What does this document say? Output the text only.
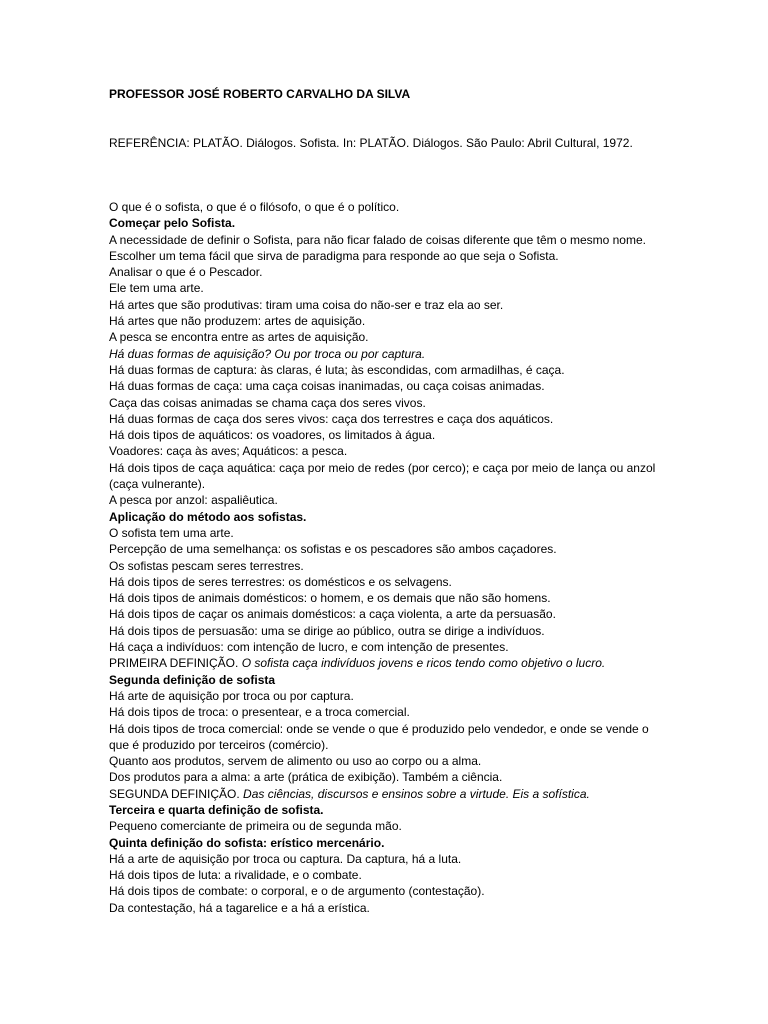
PROFESSOR JOSÉ ROBERTO CARVALHO DA SILVA
REFERÊNCIA: PLATÃO. Diálogos. Sofista. In: PLATÃO. Diálogos. São Paulo: Abril Cultural, 1972.
O que é o sofista, o que é o filósofo, o que é o político.
Começar pelo Sofista.
A necessidade de definir o Sofista, para não ficar falado de coisas diferente que têm o mesmo nome.
Escolher um tema fácil que sirva de paradigma para responde ao que seja o Sofista.
Analisar o que é o Pescador.
Ele tem uma arte.
Há artes que são produtivas: tiram uma coisa do não-ser e traz ela ao ser.
Há artes que não produzem: artes de aquisição.
A pesca se encontra entre as artes de aquisição.
Há duas formas de aquisição? Ou por troca ou por captura.
Há duas formas de captura: às claras, é luta; às escondidas, com armadilhas, é caça.
Há duas formas de caça: uma caça coisas inanimadas, ou caça coisas animadas.
Caça das coisas animadas se chama caça dos seres vivos.
Há duas formas de caça dos seres vivos: caça dos terrestres e caça dos aquáticos.
Há dois tipos de aquáticos: os voadores, os limitados à água.
Voadores: caça às aves; Aquáticos: a pesca.
Há dois tipos de caça aquática: caça por meio de redes (por cerco); e caça por meio de lança ou anzol (caça vulnerante).
A pesca por anzol: aspaliêutica.
Aplicação do método aos sofistas.
O sofista tem uma arte.
Percepção de uma semelhança: os sofistas e os pescadores são ambos caçadores.
Os sofistas pescam seres terrestres.
Há dois tipos de seres terrestres: os domésticos e os selvagens.
Há dois tipos de animais domésticos: o homem, e os demais que não são homens.
Há dois tipos de caçar os animais domésticos: a caça violenta, a arte da persuasão.
Há dois tipos de persuasão: uma se dirige ao público, outra se dirige a indivíduos.
Há caça a indivíduos: com intenção de lucro, e com intenção de presentes.
PRIMEIRA DEFINIÇÃO. O sofista caça indivíduos jovens e ricos tendo como objetivo o lucro.
Segunda definição de sofista
Há arte de aquisição por troca ou por captura.
Há dois tipos de troca: o presentear, e a troca comercial.
Há dois tipos de troca comercial: onde se vende o que é produzido pelo vendedor, e onde se vende o que é produzido por terceiros (comércio).
Quanto aos produtos, servem de alimento ou uso ao corpo ou a alma.
Dos produtos para a alma: a arte (prática de exibição). Também a ciência.
SEGUNDA DEFINIÇÃO. Das ciências, discursos e ensinos sobre a virtude. Eis a sofística.
Terceira e quarta definição de sofista.
Pequeno comerciante de primeira ou de segunda mão.
Quinta definição do sofista: erístico mercenário.
Há a arte de aquisição por troca ou captura. Da captura, há a luta.
Há dois tipos de luta: a rivalidade, e o combate.
Há dois tipos de combate: o corporal, e o de argumento (contestação).
Da contestação, há a tagarelice e a há a erística.
